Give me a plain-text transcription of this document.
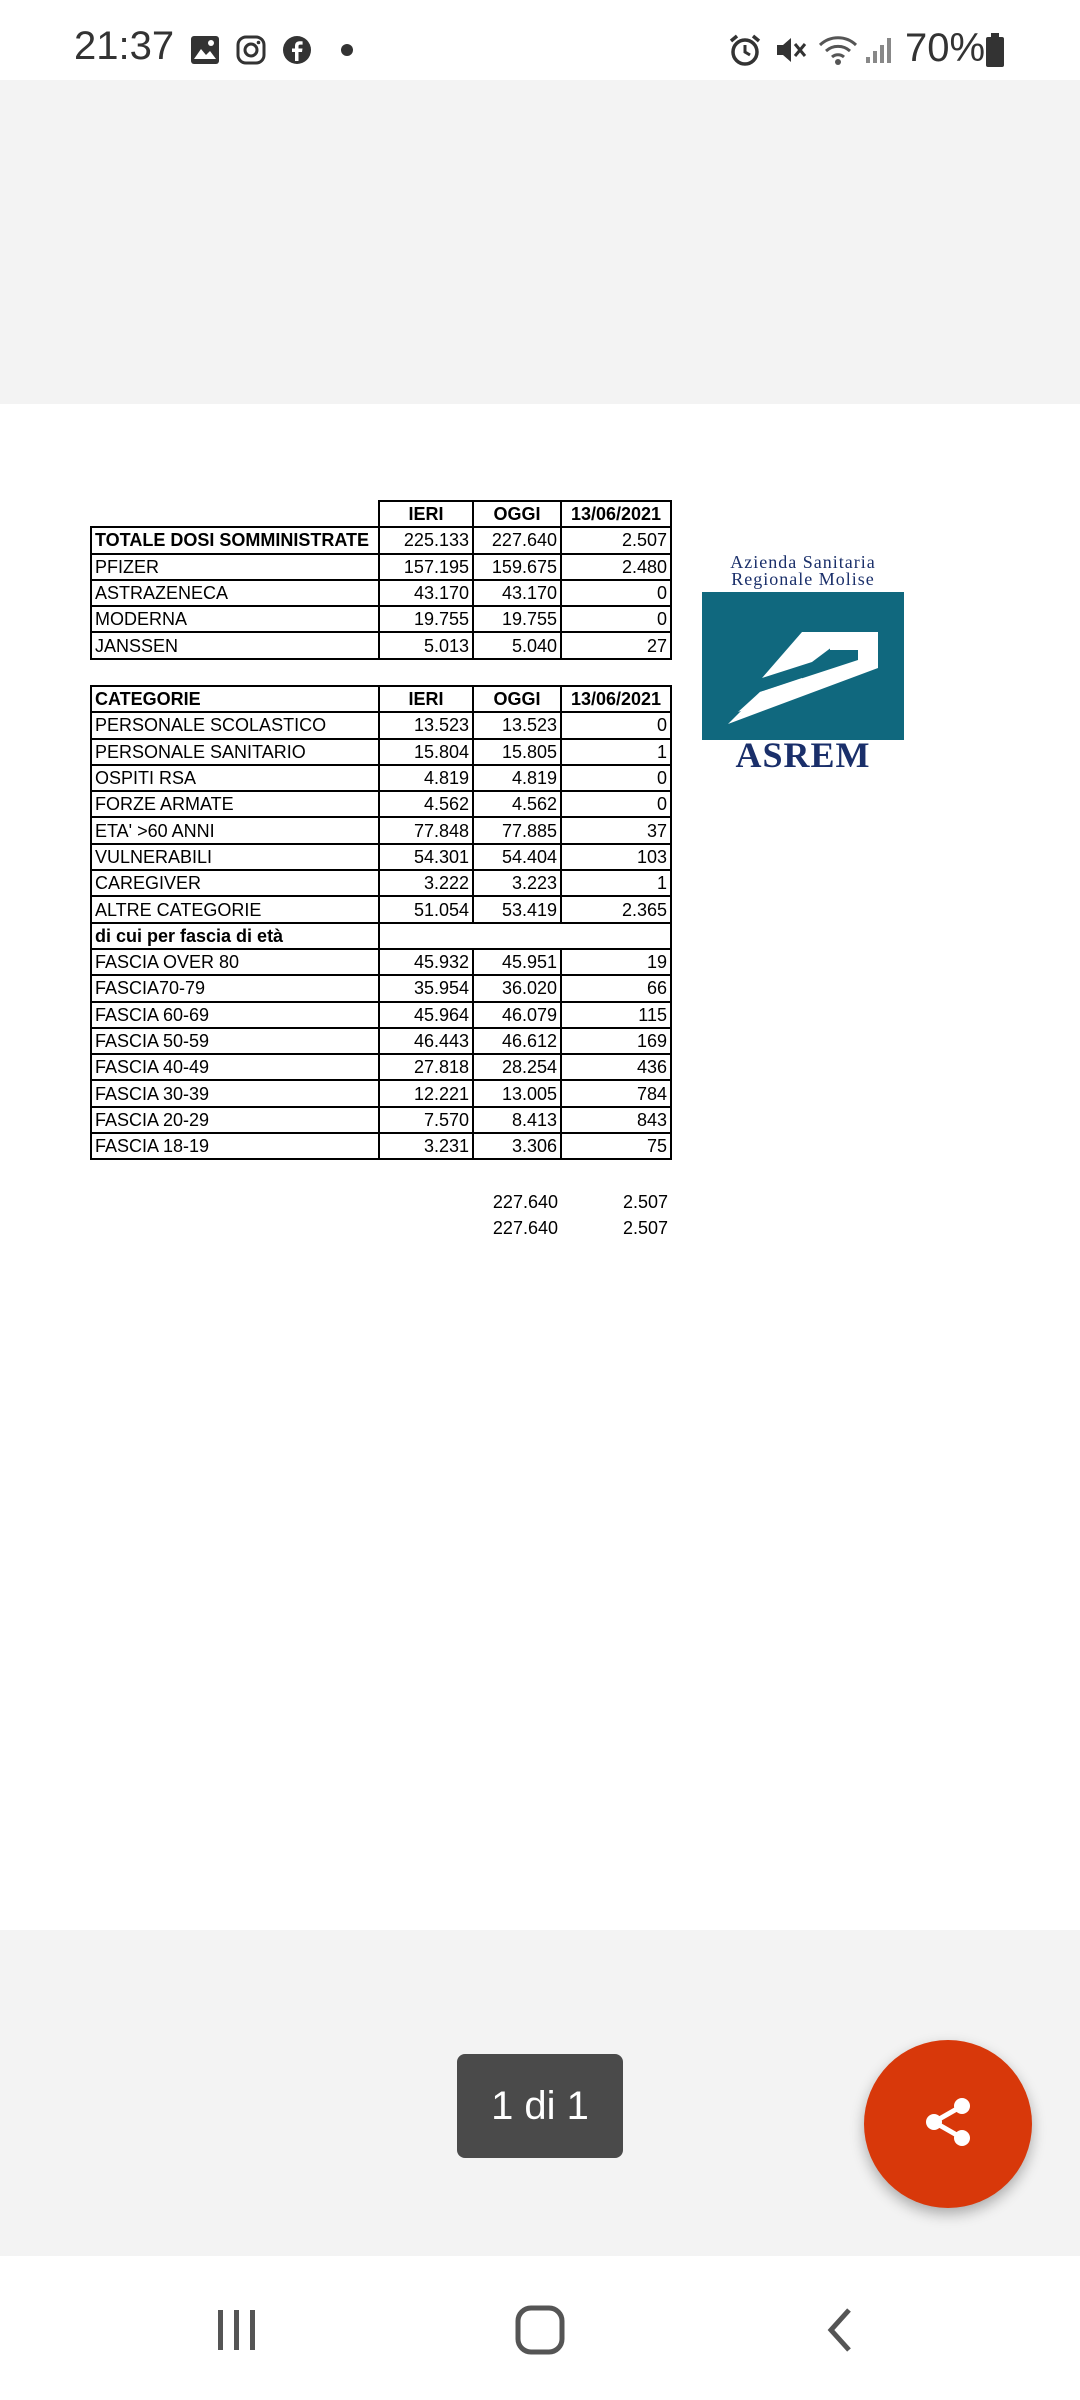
21:37	70%
	IERI	OGGI	13/06/2021
TOTALE DOSI SOMMINISTRATE	225.133	227.640	2.507
PFIZER	157.195	159.675	2.480
ASTRAZENECA	43.170	43.170	0
MODERNA	19.755	19.755	0
JANSSEN	5.013	5.040	27
CATEGORIE	IERI	OGGI	13/06/2021
PERSONALE SCOLASTICO	13.523	13.523	0
PERSONALE SANITARIO	15.804	15.805	1
OSPITI RSA	4.819	4.819	0
FORZE ARMATE	4.562	4.562	0
ETA' >60 ANNI	77.848	77.885	37
VULNERABILI	54.301	54.404	103
CAREGIVER	3.222	3.223	1
ALTRE CATEGORIE	51.054	53.419	2.365
di cui per fascia di età			
FASCIA OVER 80	45.932	45.951	19
FASCIA70-79	35.954	36.020	66
FASCIA 60-69	45.964	46.079	115
FASCIA 50-59	46.443	46.612	169
FASCIA 40-49	27.818	28.254	436
FASCIA 30-39	12.221	13.005	784
FASCIA 20-29	7.570	8.413	843
FASCIA 18-19	3.231	3.306	75
227.640	2.507
227.640	2.507
Azienda Sanitaria
Regionale Molise
ASREM
1 di 1
